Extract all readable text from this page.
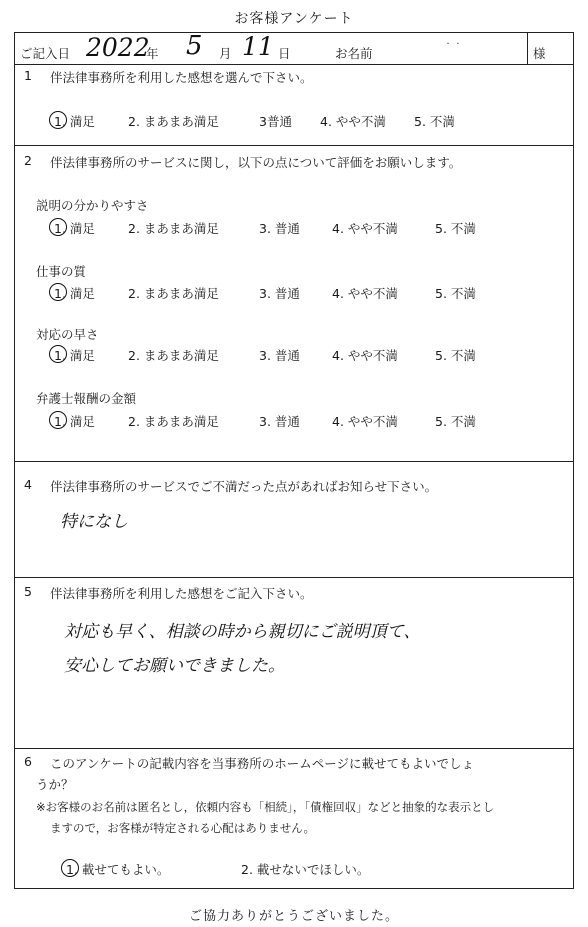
お客様アンケート
ご記入日 2022
年 5 月 11 日	お名前	˙ ˙	様
1 伴法律事務所を利用した感想を選んで下さい。
1. 満足	2. まあまあ満足	3普通 4. やや不満 5. 不満
2 伴法律事務所のサービスに関し，以下の点について評価をお願いします。
説明の分かりやすさ
1. 満足	2. まあまあ満足	3. 普通	4. やや不満	5. 不満
仕事の質
1. 満足	2. まあまあ満足	3. 普通	4. やや不満	5. 不満
対応の早さ
1. 満足	2. まあまあ満足	3. 普通	4. やや不満	5. 不満
弁護士報酬の金額
1. 満足	2. まあまあ満足	3. 普通	4. やや不満	5. 不満
4 伴法律事務所のサービスでご不満だった点があればお知らせ下さい。
特になし
5 伴法律事務所を利用した感想をご記入下さい。
対応も早く、相談の時から親切にご説明頂て、
安心してお願いできました。
6 このアンケートの記載内容を当事務所のホームページに載せてもよいでしょ
うか？
※お客様のお名前は匿名とし，依頼内容も「相続」，「債権回収」などと抽象的な表示とし
ますので，お客様が特定される心配はありません。
1. 載せてもよい。	2. 載せないでほしい。
ご協力ありがとうございました。
